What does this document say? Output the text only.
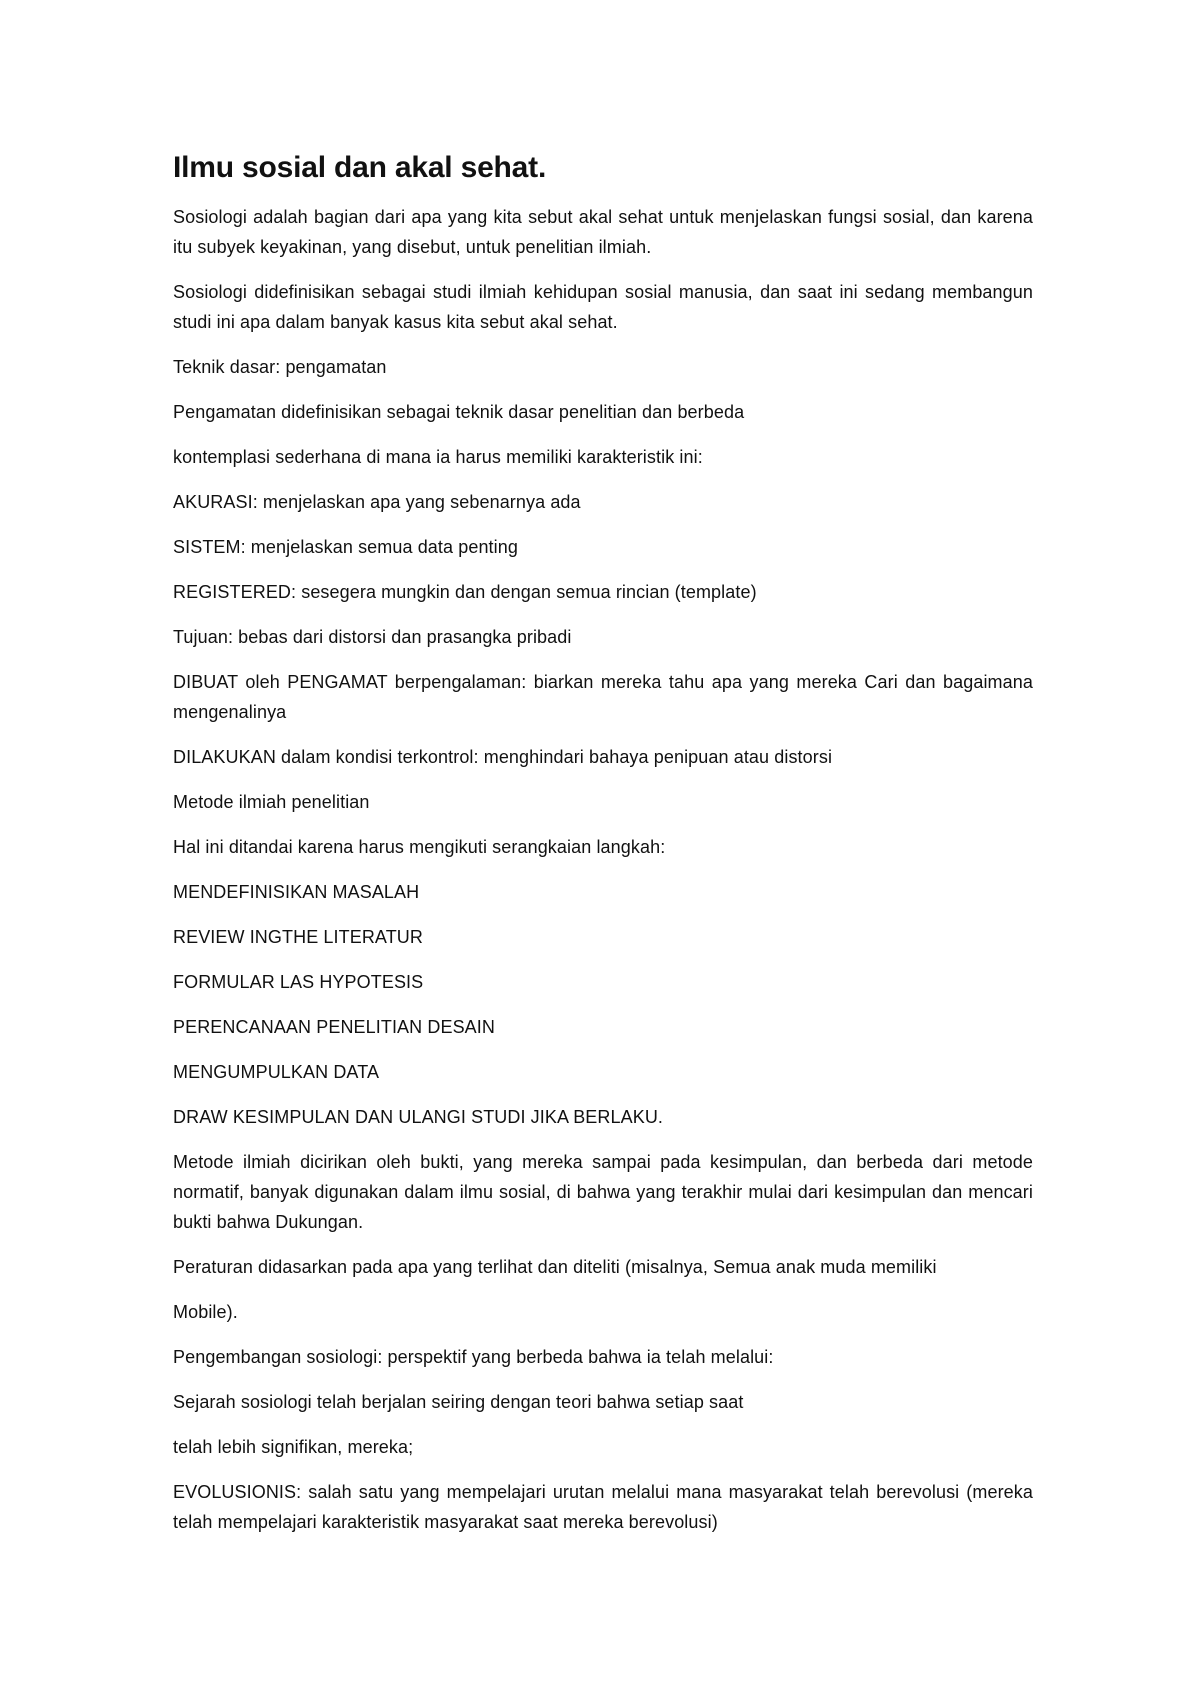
Ilmu sosial dan akal sehat.

Sosiologi adalah bagian dari apa yang kita sebut akal sehat untuk menjelaskan fungsi sosial, dan karena itu subyek keyakinan, yang disebut, untuk penelitian ilmiah.

Sosiologi didefinisikan sebagai studi ilmiah kehidupan sosial manusia, dan saat ini sedang membangun studi ini apa dalam banyak kasus kita sebut akal sehat.

Teknik dasar: pengamatan

Pengamatan didefinisikan sebagai teknik dasar penelitian dan berbeda

kontemplasi sederhana di mana ia harus memiliki karakteristik ini:

AKURASI: menjelaskan apa yang sebenarnya ada

SISTEM: menjelaskan semua data penting

REGISTERED: sesegera mungkin dan dengan semua rincian (template)

Tujuan: bebas dari distorsi dan prasangka pribadi

DIBUAT oleh PENGAMAT berpengalaman: biarkan mereka tahu apa yang mereka Cari dan bagaimana mengenalinya

DILAKUKAN dalam kondisi terkontrol: menghindari bahaya penipuan atau distorsi

Metode ilmiah penelitian

Hal ini ditandai karena harus mengikuti serangkaian langkah:

MENDEFINISIKAN MASALAH

REVIEW INGTHE LITERATUR

FORMULAR LAS HYPOTESIS

PERENCANAAN PENELITIAN DESAIN

MENGUMPULKAN DATA

DRAW KESIMPULAN DAN ULANGI STUDI JIKA BERLAKU.

Metode ilmiah dicirikan oleh bukti, yang mereka sampai pada kesimpulan, dan berbeda dari metode normatif, banyak digunakan dalam ilmu sosial, di bahwa yang terakhir mulai dari kesimpulan dan mencari bukti bahwa Dukungan.

Peraturan didasarkan pada apa yang terlihat dan diteliti (misalnya, Semua anak muda memiliki

Mobile).

Pengembangan sosiologi: perspektif yang berbeda bahwa ia telah melalui:

Sejarah sosiologi telah berjalan seiring dengan teori bahwa setiap saat

telah lebih signifikan, mereka;

EVOLUSIONIS: salah satu yang mempelajari urutan melalui mana masyarakat telah berevolusi (mereka telah mempelajari karakteristik masyarakat saat mereka berevolusi)
